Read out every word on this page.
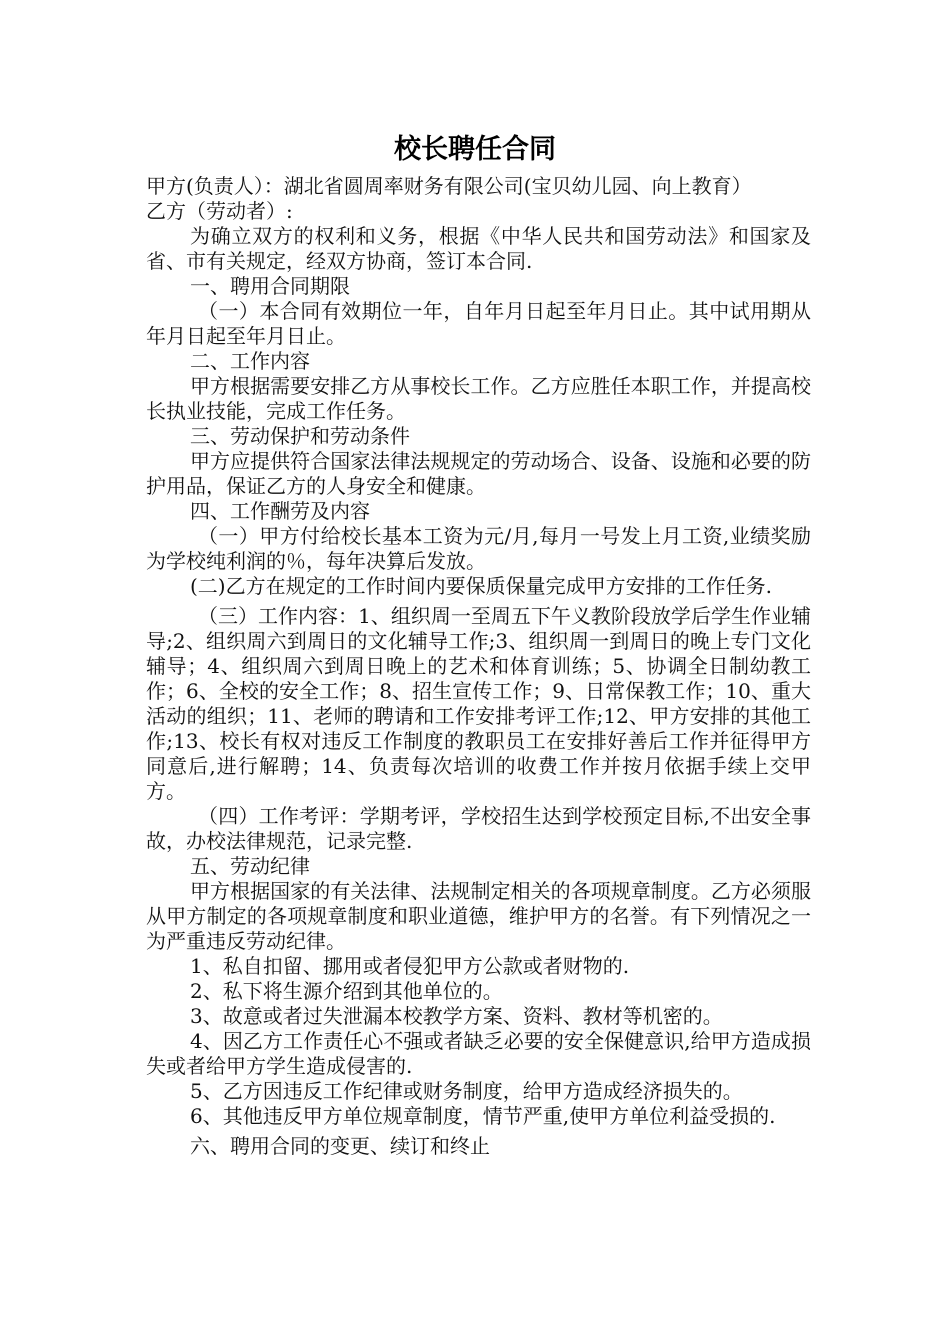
校长聘任合同

甲方(负责人）：湖北省圆周率财务有限公司(宝贝幼儿园、向上教育）

乙方（劳动者）:

为确立双方的权利和义务，根据《中华人民共和国劳动法》和国家及省、市有关规定，经双方协商，签订本合同.

一、聘用合同期限

（一）本合同有效期位一年，自年月日起至年月日止。其中试用期从年月日起至年月日止。

二、工作内容

甲方根据需要安排乙方从事校长工作。乙方应胜任本职工作，并提高校长执业技能，完成工作任务。

三、劳动保护和劳动条件

甲方应提供符合国家法律法规规定的劳动场合、设备、设施和必要的防护用品，保证乙方的人身安全和健康。

四、工作酬劳及内容

（一）甲方付给校长基本工资为元/月,每月一号发上月工资,业绩奖励为学校纯利润的％，每年决算后发放。

(二)乙方在规定的工作时间内要保质保量完成甲方安排的工作任务.

（三）工作内容：1、组织周一至周五下午义教阶段放学后学生作业辅导;2、组织周六到周日的文化辅导工作;3、组织周一到周日的晚上专门文化辅导；4、组织周六到周日晚上的艺术和体育训练；5、协调全日制幼教工作；6、全校的安全工作；8、招生宣传工作；9、日常保教工作；10、重大活动的组织；11、老师的聘请和工作安排考评工作;12、甲方安排的其他工作;13、校长有权对违反工作制度的教职员工在安排好善后工作并征得甲方同意后,进行解聘；14、负责每次培训的收费工作并按月依据手续上交甲方。

（四）工作考评：学期考评，学校招生达到学校预定目标,不出安全事故，办校法律规范，记录完整.

五、劳动纪律

甲方根据国家的有关法律、法规制定相关的各项规章制度。乙方必须服从甲方制定的各项规章制度和职业道德，维护甲方的名誉。有下列情况之一为严重违反劳动纪律。

1、私自扣留、挪用或者侵犯甲方公款或者财物的.

2、私下将生源介绍到其他单位的。

3、故意或者过失泄漏本校教学方案、资料、教材等机密的。

4、因乙方工作责任心不强或者缺乏必要的安全保健意识,给甲方造成损失或者给甲方学生造成侵害的.

5、乙方因违反工作纪律或财务制度，给甲方造成经济损失的。

6、其他违反甲方单位规章制度，情节严重,使甲方单位利益受损的.

六、聘用合同的变更、续订和终止
